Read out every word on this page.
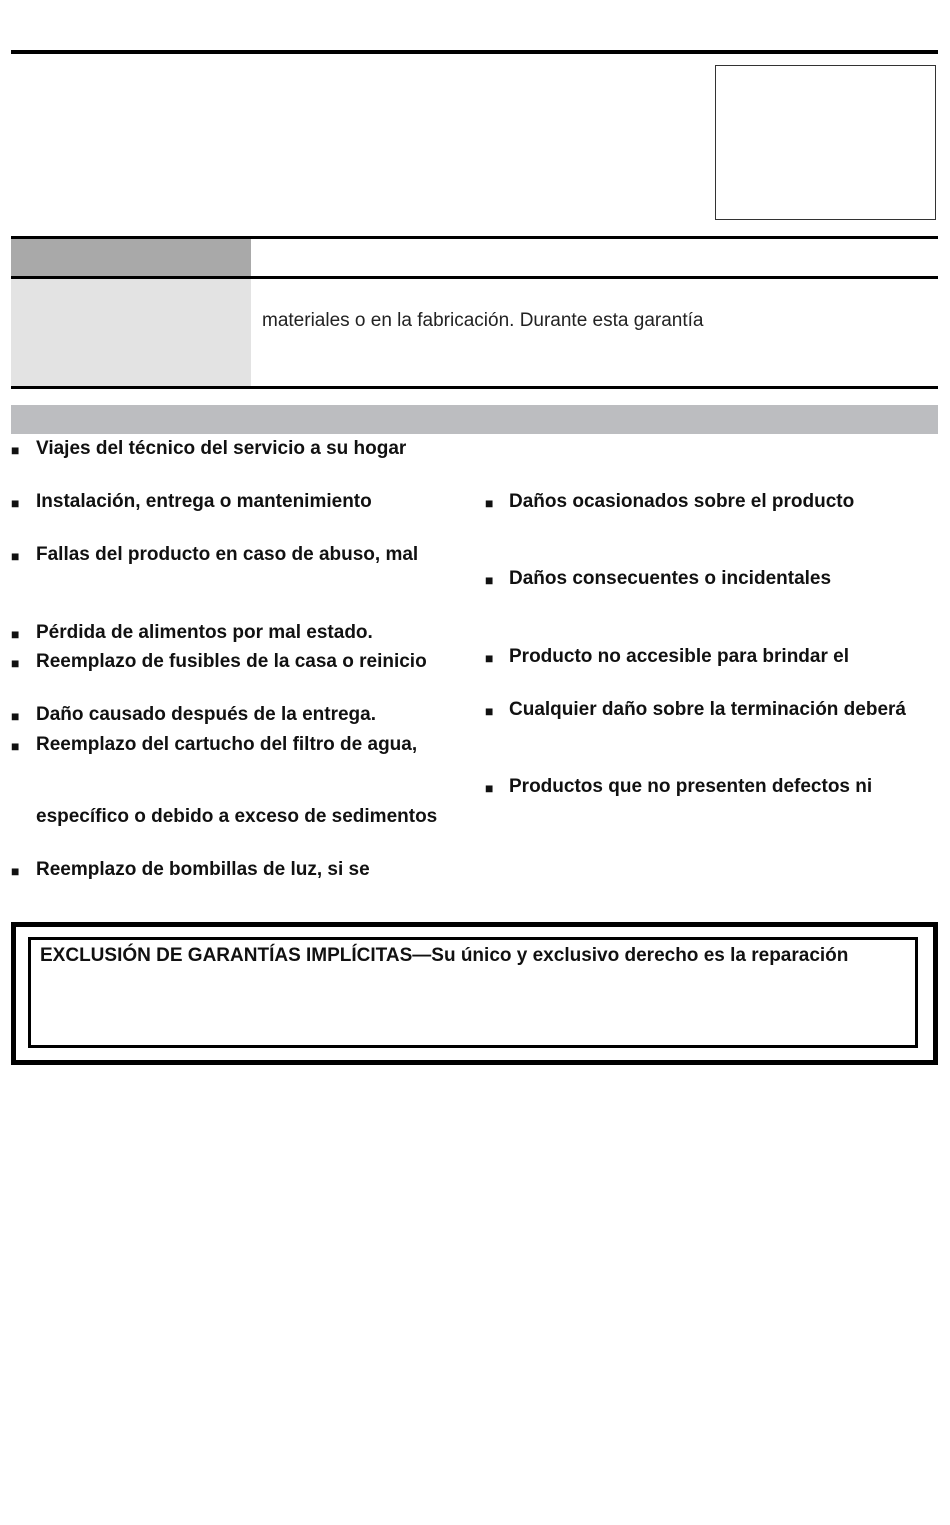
materiales o en la fabricación. Durante esta garantía
■ Viajes del técnico del servicio a su hogar
■ Instalación, entrega o mantenimiento
■ Fallas del producto en caso de abuso, mal
■ Pérdida de alimentos por mal estado.
■ Reemplazo de fusibles de la casa o reinicio
■ Daño causado después de la entrega.
■ Reemplazo del cartucho del filtro de agua,
específico o debido a exceso de sedimentos
■ Reemplazo de bombillas de luz, si se
■ Daños ocasionados sobre el producto
■ Daños consecuentes o incidentales
■ Producto no accesible para brindar el
■ Cualquier daño sobre la terminación deberá
■ Productos que no presenten defectos ni
EXCLUSIÓN DE GARANTÍAS IMPLÍCITAS—Su único y exclusivo derecho es la reparación
